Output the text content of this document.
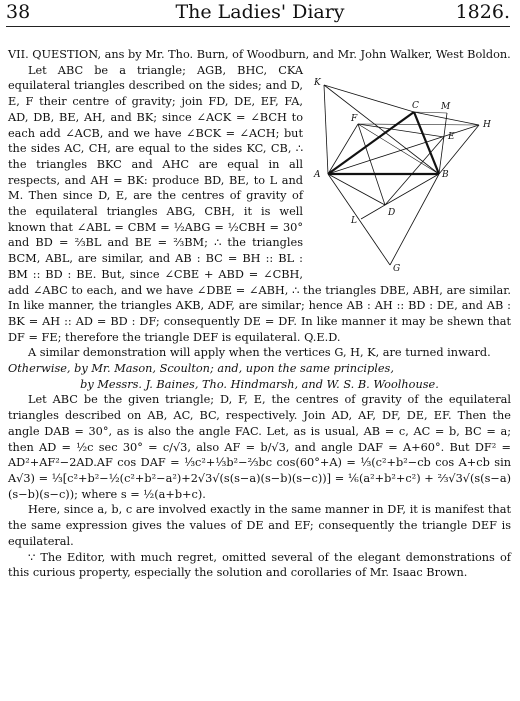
38	The Ladies' Diary	1826.

VII. QUESTION, ans by Mr. Tho. Burn, of Woodburn, and Mr. John Walker, West Boldon.

K
F
C M
H
E
A	B
D
L
G

Let ABC be a triangle; AGB, BHC, CKA equilateral triangles described on the sides; and D, E, F their centre of gravity; join FD, DE, EF, FA, AD, DB, BE, AH, and BK; since ∠ACK = ∠BCH to each add ∠ACB, and we have ∠BCK = ∠ACH; but the sides AC, CH, are equal to the sides KC, CB, ∴ the triangles BKC and AHC are equal in all respects, and AH = BK: produce BD, BE, to L and M. Then since D, E, are the centres of gravity of the equilateral triangles ABG, CBH, it is well known that ∠ABL = CBM = ½ABG = ½CBH = 30° and BD = ⅔BL and BE = ⅔BM; ∴ the triangles BCM, ABL, are similar, and AB : BC = BH :: BL : BM :: BD : BE. But, since ∠CBE + ABD = ∠CBH, add ∠ABC to each, and we have ∠DBE = ∠ABH, ∴ the triangles DBE, ABH, are similar. In like manner, the triangles AKB, ADF, are similar; hence AB : AH :: BD : DE, and AB : BK = AH :: AD = BD : DF; consequently DE = DF. In like manner it may be shewn that DF = FE; therefore the triangle DEF is equilateral. Q.E.D.

A similar demonstration will apply when the vertices G, H, K, are turned inward.

Otherwise, by Mr. Mason, Scoulton; and, upon the same principles,

by Messrs. J. Baines, Tho. Hindmarsh, and W. S. B. Woolhouse.

Let ABC be the given triangle; D, F, E, the centres of gravity of the equilateral triangles described on AB, AC, BC, respectively. Join AD, AF, DF, DE, EF. Then the angle DAB = 30°, as is also the angle FAC. Let, as is usual, AB = c, AC = b, BC = a; then AD = ½c sec 30° = c/√3, also AF = b/√3, and angle DAF = A+60°. But DF² = AD²+AF²−2AD.AF cos DAF = ⅓c²+⅓b²−⅔bc cos(60°+A) = ⅓(c²+b²−cb cos A+cb sin A√3) = ⅓[c²+b²−½(c²+b²−a²)+2√3√(s(s−a)(s−b)(s−c))] = ⅙(a²+b²+c²) + ⅔√3√(s(s−a)(s−b)(s−c)); where s = ½(a+b+c).

Here, since a, b, c are involved exactly in the same manner in DF, it is manifest that the same expression gives the values of DE and EF; consequently the triangle DEF is equilateral.

∵ The Editor, with much regret, omitted several of the elegant demonstrations of this curious property, especially the solution and corollaries of Mr. Isaac Brown.
